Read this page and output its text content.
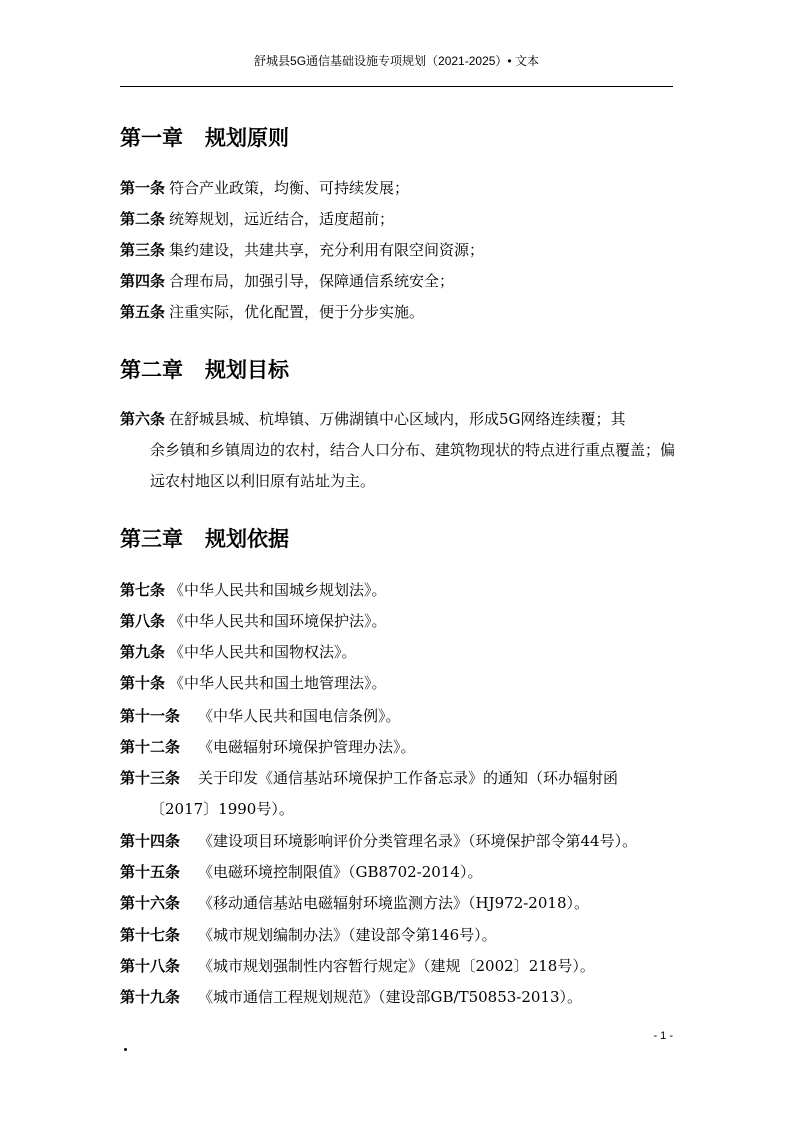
舒城县5G通信基础设施专项规划（2021-2025）• 文本
第一章 规划原则
第一条 符合产业政策，均衡、可持续发展；
第二条 统筹规划，远近结合，适度超前；
第三条 集约建设，共建共享，充分利用有限空间资源；
第四条 合理布局，加强引导，保障通信系统安全；
第五条 注重实际，优化配置，便于分步实施。
第二章 规划目标
第六条 在舒城县城、杭埠镇、万佛湖镇中心区域内，形成5G网络连续覆；其
余乡镇和乡镇周边的农村，结合人口分布、建筑物现状的特点进行重点覆盖；偏远农村地区以利旧原有站址为主。
第三章 规划依据
第七条 《中华人民共和国城乡规划法》。
第八条 《中华人民共和国环境保护法》。
第九条 《中华人民共和国物权法》。
第十条 《中华人民共和国土地管理法》。
第十一条 《中华人民共和国电信条例》。
第十二条 《电磁辐射环境保护管理办法》。
第十三条 关于印发《通信基站环境保护工作备忘录》的通知（环办辐射函
〔2017〕1990号）。
第十四条 《建设项目环境影响评价分类管理名录》（环境保护部令第44号）。
第十五条 《电磁环境控制限值》（GB8702-2014）。
第十六条 《移动通信基站电磁辐射环境监测方法》（HJ972-2018）。
第十七条 《城市规划编制办法》（建设部令第146号）。
第十八条 《城市规划强制性内容暂行规定》（建规〔2002〕218号）。
第十九条 《城市通信工程规划规范》（建设部GB/T50853-2013）。
- 1 -
